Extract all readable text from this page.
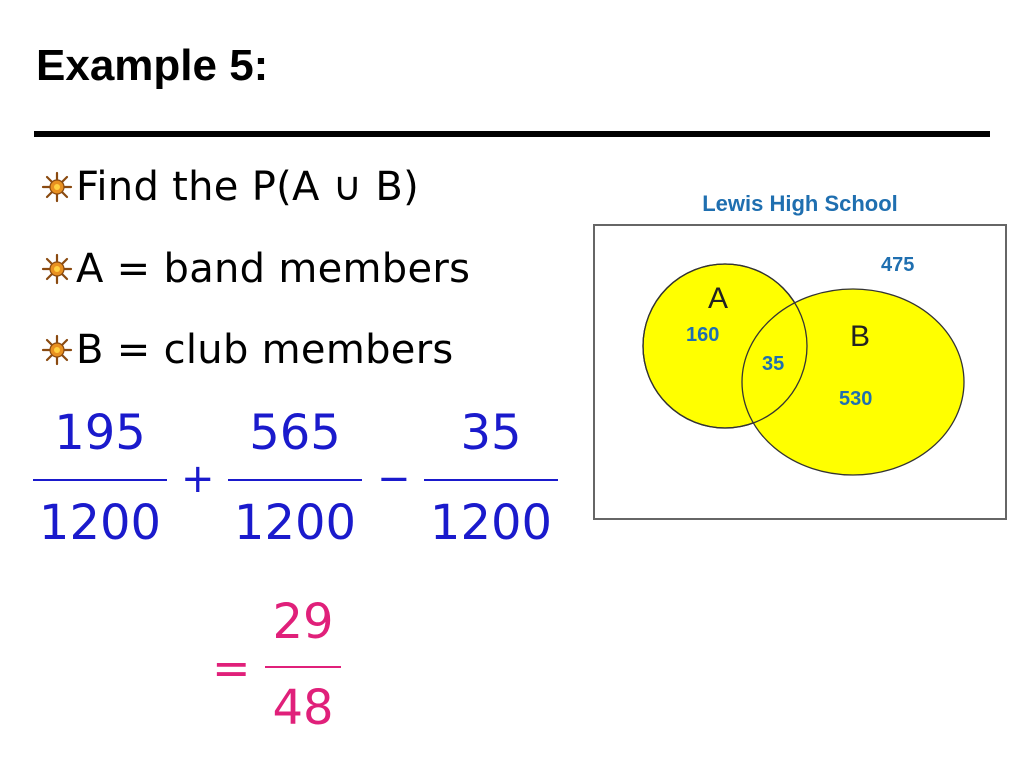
Example 5:
Find the P(A ∪ B)
A = band members
B = club members
195
1200
+
565
1200
−
35
1200
=
29
48
Lewis High School
A
B
160
35
530
475
